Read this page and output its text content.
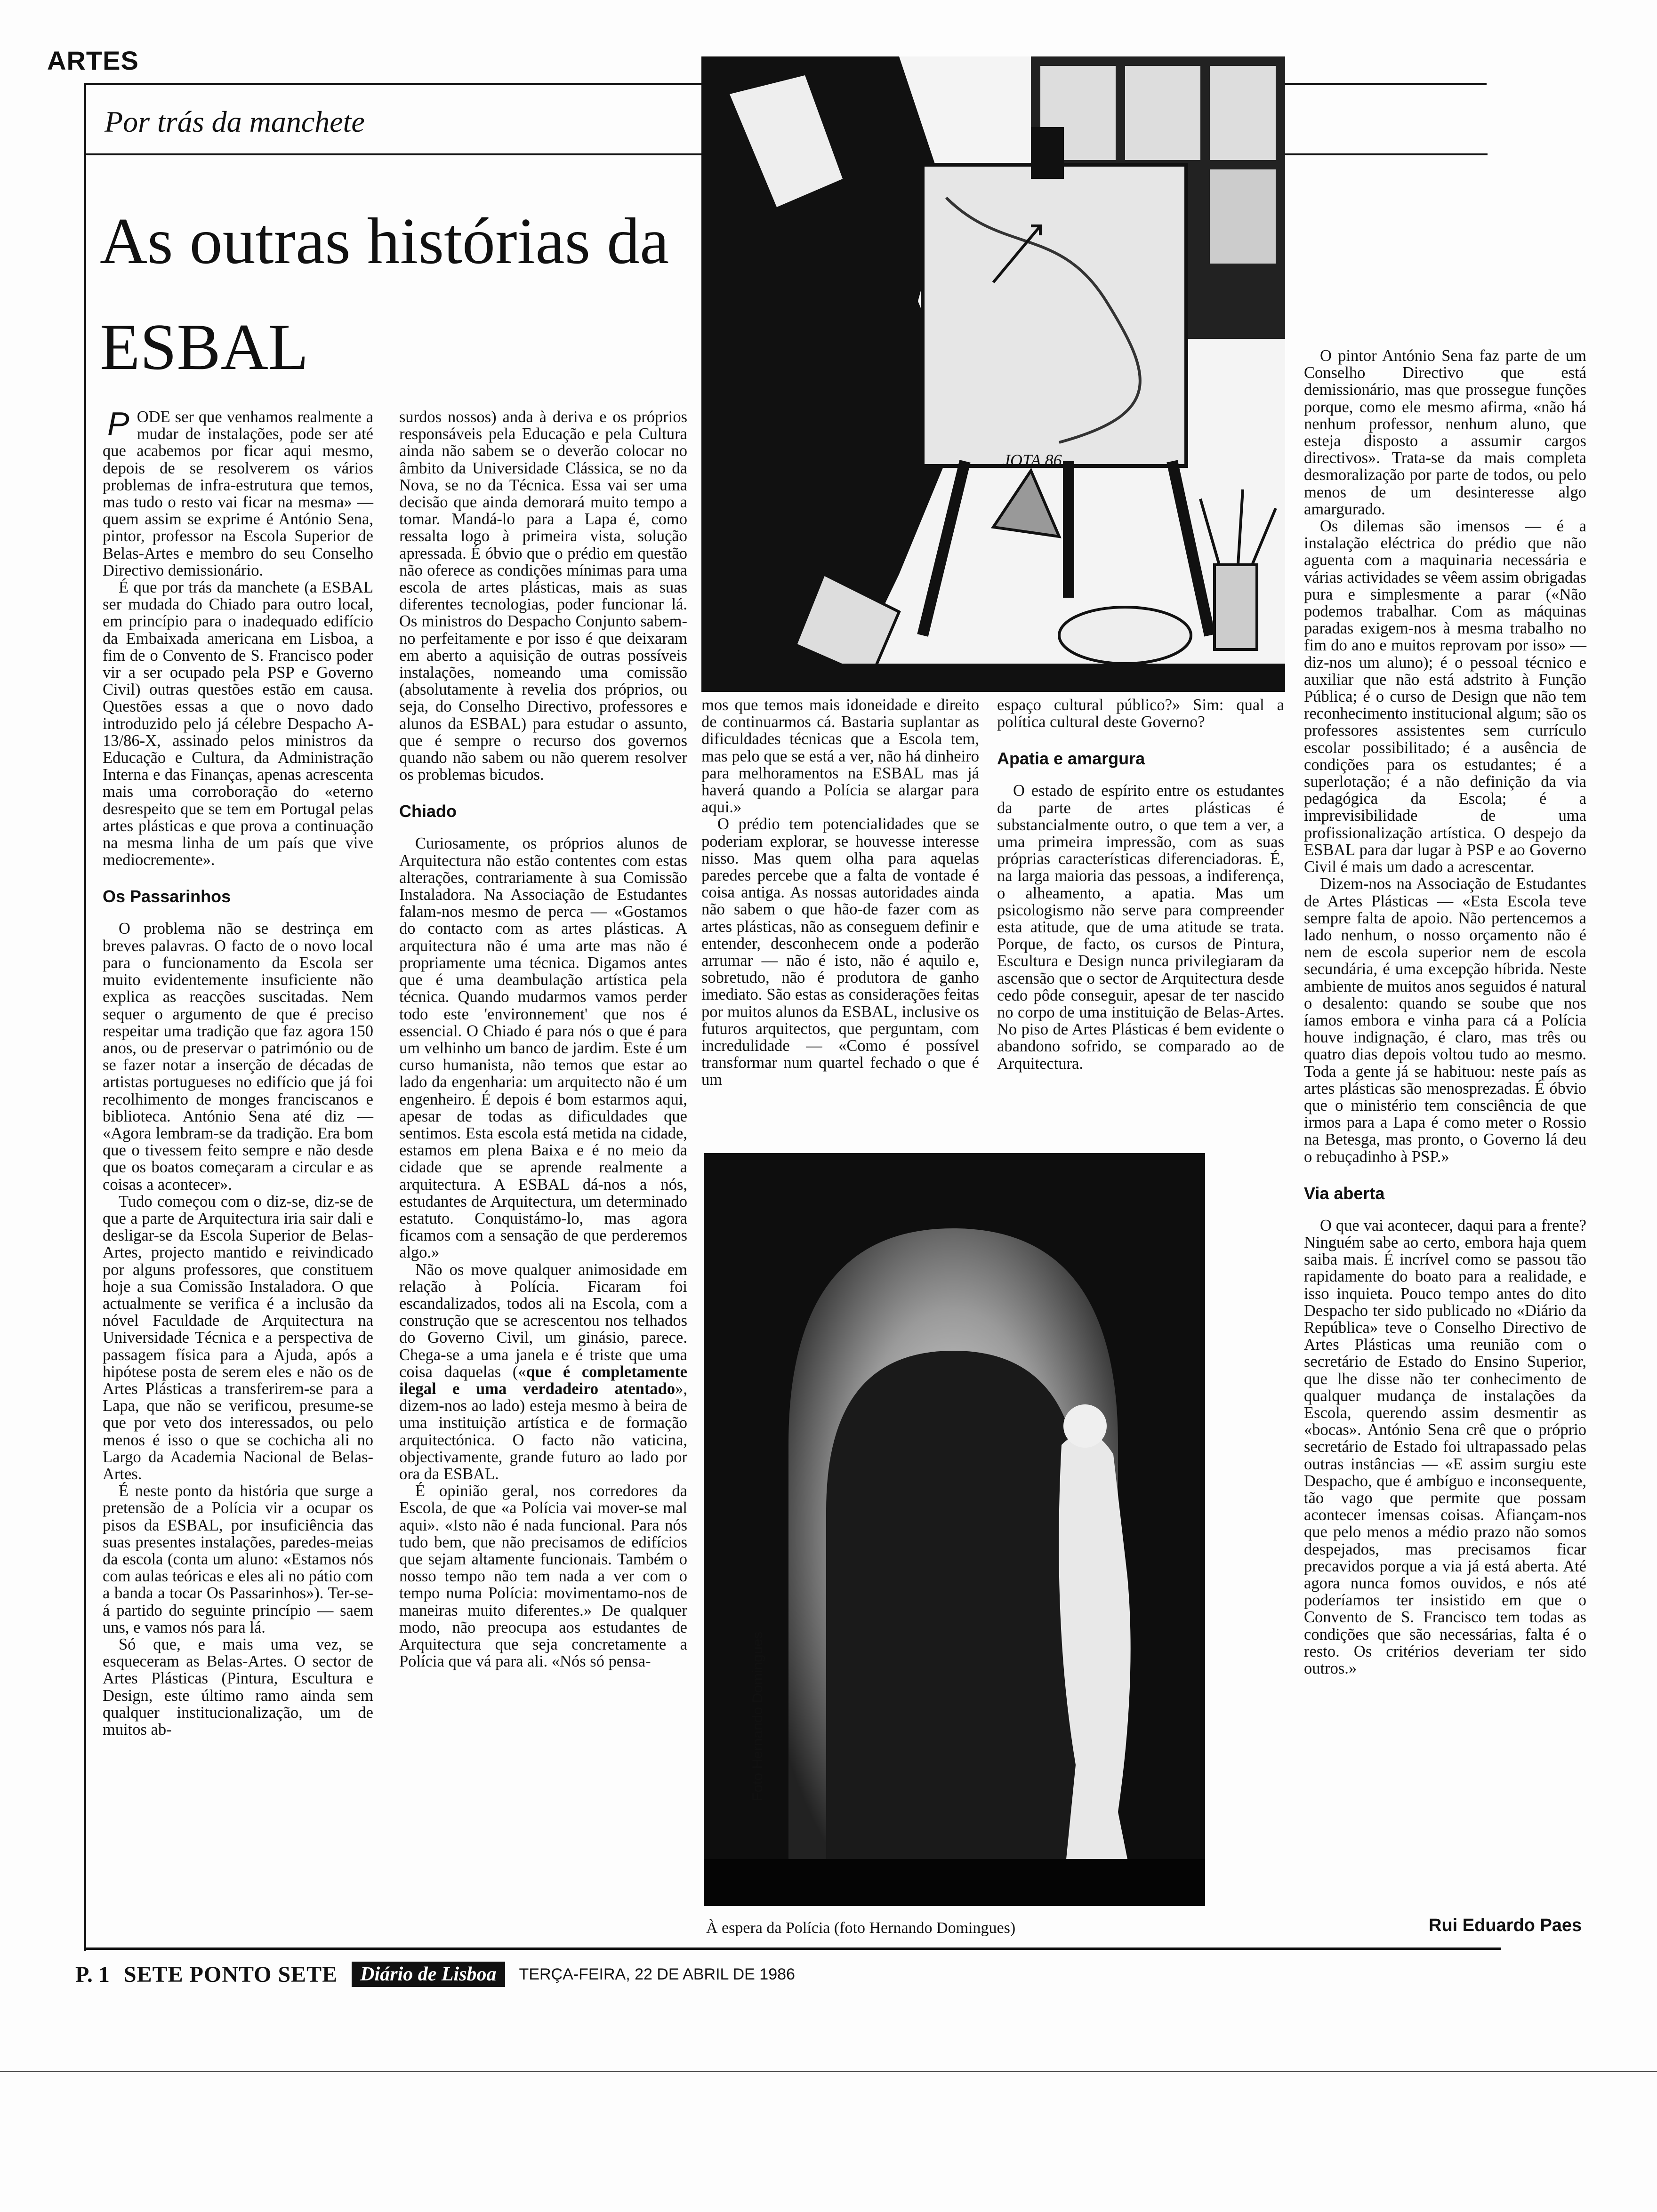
ARTES
Por trás da manchete
As outras histórias da ESBAL

PODE ser que venhamos realmente a mudar de instalações, pode ser até que acabemos por ficar aqui mesmo, depois de se resolverem os vários problemas de infra-estrutura que temos, mas tudo o resto vai ficar na mesma» — quem assim se exprime é António Sena, pintor, professor na Escola Superior de Belas-Artes e membro do seu Conselho Directivo demissionário.

É que por trás da manchete (a ESBAL ser mudada do Chiado para outro local, em princípio para o inadequado edifício da Embaixada americana em Lisboa, a fim de o Convento de S. Francisco poder vir a ser ocupado pela PSP e Governo Civil) outras questões estão em causa. Questões essas a que o novo dado introduzido pelo já célebre Despacho A-13/86-X, assinado pelos ministros da Educação e Cultura, da Administração Interna e das Finanças, apenas acrescenta mais uma corroboração do «eterno desrespeito que se tem em Portugal pelas artes plásticas e que prova a continuação na mesma linha de um país que vive mediocremente».

Os Passarinhos

O problema não se destrinça em breves palavras. O facto de o novo local para o funcionamento da Escola ser muito evidentemente insuficiente não explica as reacções suscitadas. Nem sequer o argumento de que é preciso respeitar uma tradição que faz agora 150 anos, ou de preservar o património ou de se fazer notar a inserção de décadas de artistas portugueses no edifício que já foi recolhimento de monges franciscanos e biblioteca. António Sena até diz — «Agora lembram-se da tradição. Era bom que o tivessem feito sempre e não desde que os boatos começaram a circular e as coisas a acontecer».

Tudo começou com o diz-se, diz-se de que a parte de Arquitectura iria sair dali e desligar-se da Escola Superior de Belas-Artes, projecto mantido e reivindicado por alguns professores, que constituem hoje a sua Comissão Instaladora. O que actualmente se verifica é a inclusão da nóvel Faculdade de Arquitectura na Universidade Técnica e a perspectiva de passagem física para a Ajuda, após a hipótese posta de serem eles e não os de Artes Plásticas a transferirem-se para a Lapa, que não se verificou, presume-se que por veto dos interessados, ou pelo menos é isso o que se cochicha ali no Largo da Academia Nacional de Belas-Artes.

É neste ponto da história que surge a pretensão de a Polícia vir a ocupar os pisos da ESBAL, por insuficiência das suas presentes instalações, paredes-meias da escola (conta um aluno: «Estamos nós com aulas teóricas e eles ali no pátio com a banda a tocar Os Passarinhos»). Ter-se-á partido do seguinte princípio — saem uns, e vamos nós para lá.

Só que, e mais uma vez, se esqueceram as Belas-Artes. O sector de Artes Plásticas (Pintura, Escultura e Design, este último ramo ainda sem qualquer institucionalização, um de muitos ab-

surdos nossos) anda à deriva e os próprios responsáveis pela Educação e pela Cultura ainda não sabem se o deverão colocar no âmbito da Universidade Clássica, se no da Nova, se no da Técnica. Essa vai ser uma decisão que ainda demorará muito tempo a tomar. Mandá-lo para a Lapa é, como ressalta logo à primeira vista, solução apressada. É óbvio que o prédio em questão não oferece as condições mínimas para uma escola de artes plásticas, mais as suas diferentes tecnologias, poder funcionar lá. Os ministros do Despacho Conjunto sabem-no perfeitamente e por isso é que deixaram em aberto a aquisição de outras possíveis instalações, nomeando uma comissão (absolutamente à revelia dos próprios, ou seja, do Conselho Directivo, professores e alunos da ESBAL) para estudar o assunto, que é sempre o recurso dos governos quando não sabem ou não querem resolver os problemas bicudos.

Chiado

Curiosamente, os próprios alunos de Arquitectura não estão contentes com estas alterações, contrariamente à sua Comissão Instaladora. Na Associação de Estudantes falam-nos mesmo de perca — «Gostamos do contacto com as artes plásticas. A arquitectura não é uma arte mas não é propriamente uma técnica. Digamos antes que é uma deambulação artística pela técnica. Quando mudarmos vamos perder todo este 'environnement' que nos é essencial. O Chiado é para nós o que é para um velhinho um banco de jardim. Este é um curso humanista, não temos que estar ao lado da engenharia: um arquitecto não é um engenheiro. É depois é bom estarmos aqui, apesar de todas as dificuldades que sentimos. Esta escola está metida na cidade, estamos em plena Baixa e é no meio da cidade que se aprende realmente a arquitectura. A ESBAL dá-nos a nós, estudantes de Arquitectura, um determinado estatuto. Conquistámo-lo, mas agora ficamos com a sensação de que perderemos algo.»

Não os move qualquer animosidade em relação à Polícia. Ficaram foi escandalizados, todos ali na Escola, com a construção que se acrescentou nos telhados do Governo Civil, um ginásio, parece. Chega-se a uma janela e é triste que uma coisa daquelas («que é completamente ilegal e uma verdadeiro atentado», dizem-nos ao lado) esteja mesmo à beira de uma instituição artística e de formação arquitectónica. O facto não vaticina, objectivamente, grande futuro ao lado por ora da ESBAL.

É opinião geral, nos corredores da Escola, de que «a Polícia vai mover-se mal aqui». «Isto não é nada funcional. Para nós tudo bem, que não precisamos de edifícios que sejam altamente funcionais. Também o nosso tempo não tem nada a ver com o tempo numa Polícia: movimentamo-nos de maneiras muito diferentes.» De qualquer modo, não preocupa aos estudantes de Arquitectura que seja concretamente a Polícia que vá para ali. «Nós só pensa-

JOTA 86

mos que temos mais idoneidade e direito de continuarmos cá. Bastaria suplantar as dificuldades técnicas que a Escola tem, mas pelo que se está a ver, não há dinheiro para melhoramentos na ESBAL mas já haverá quando a Polícia se alargar para aqui.»

O prédio tem potencialidades que se poderiam explorar, se houvesse interesse nisso. Mas quem olha para aquelas paredes percebe que a falta de vontade é coisa antiga. As nossas autoridades ainda não sabem o que hão-de fazer com as artes plásticas, não as conseguem definir e entender, desconhecem onde a poderão arrumar — não é isto, não é aquilo e, sobretudo, não é produtora de ganho imediato. São estas as considerações feitas por muitos alunos da ESBAL, inclusive os futuros arquitectos, que perguntam, com incredulidade — «Como é possível transformar num quartel fechado o que é um

espaço cultural público?» Sim: qual a política cultural deste Governo?

Apatia e amargura

O estado de espírito entre os estudantes da parte de artes plásticas é substancialmente outro, o que tem a ver, a uma primeira impressão, com as suas próprias características diferenciadoras. É, na larga maioria das pessoas, a indiferença, o alheamento, a apatia. Mas um psicologismo não serve para compreender esta atitude, que de uma atitude se trata. Porque, de facto, os cursos de Pintura, Escultura e Design nunca privilegiaram da ascensão que o sector de Arquitectura desde cedo pôde conseguir, apesar de ter nascido no corpo de uma instituição de Belas-Artes. No piso de Artes Plásticas é bem evidente o abandono sofrido, se comparado ao de Arquitectura.

O pintor António Sena faz parte de um Conselho Directivo que está demissionário, mas que prossegue funções porque, como ele mesmo afirma, «não há nenhum professor, nenhum aluno, que esteja disposto a assumir cargos directivos». Trata-se da mais completa desmoralização por parte de todos, ou pelo menos de um desinteresse algo amargurado.

Os dilemas são imensos — é a instalação eléctrica do prédio que não aguenta com a maquinaria necessária e várias actividades se vêem assim obrigadas pura e simplesmente a parar («Não podemos trabalhar. Com as máquinas paradas exigem-nos à mesma trabalho no fim do ano e muitos reprovam por isso» — diz-nos um aluno); é o pessoal técnico e auxiliar que não está adstrito à Função Pública; é o curso de Design que não tem reconhecimento institucional algum; são os professores assistentes sem currículo escolar possibilitado; é a ausência de condições para os estudantes; é a superlotação; é a não definição da via pedagógica da Escola; é a imprevisibilidade de uma profissionalização artística. O despejo da ESBAL para dar lugar à PSP e ao Governo Civil é mais um dado a acrescentar.

Dizem-nos na Associação de Estudantes de Artes Plásticas — «Esta Escola teve sempre falta de apoio. Não pertencemos a lado nenhum, o nosso orçamento não é nem de escola superior nem de escola secundária, é uma excepção híbrida. Neste ambiente de muitos anos seguidos é natural o desalento: quando se soube que nos íamos embora e vinha para cá a Polícia houve indignação, é claro, mas três ou quatro dias depois voltou tudo ao mesmo. Toda a gente já se habituou: neste país as artes plásticas são menosprezadas. É óbvio que o ministério tem consciência de que irmos para a Lapa é como meter o Rossio na Betesga, mas pronto, o Governo lá deu o rebuçadinho à PSP.»

Via aberta

O que vai acontecer, daqui para a frente? Ninguém sabe ao certo, embora haja quem saiba mais. É incrível como se passou tão rapidamente do boato para a realidade, e isso inquieta. Pouco tempo antes do dito Despacho ter sido publicado no «Diário da República» teve o Conselho Directivo de Artes Plásticas uma reunião com o secretário de Estado do Ensino Superior, que lhe disse não ter conhecimento de qualquer mudança de instalações da Escola, querendo assim desmentir as «bocas». António Sena crê que o próprio secretário de Estado foi ultrapassado pelas outras instâncias — «E assim surgiu este Despacho, que é ambíguo e inconsequente, tão vago que permite que possam acontecer imensas coisas. Afiançam-nos que pelo menos a médio prazo não somos despejados, mas precisamos ficar precavidos porque a via já está aberta. Até agora nunca fomos ouvidos, e nós até poderíamos ter insistido em que o Convento de S. Francisco tem todas as condições que são necessárias, falta é o resto. Os critérios deveriam ter sido outros.»

Foto Hernando Domingues
À espera da Polícia (foto Hernando Domingues)	Rui Eduardo Paes
P. 1 SETE PONTO SETE	Diário de Lisboa	TERÇA-FEIRA, 22 DE ABRIL DE 1986
